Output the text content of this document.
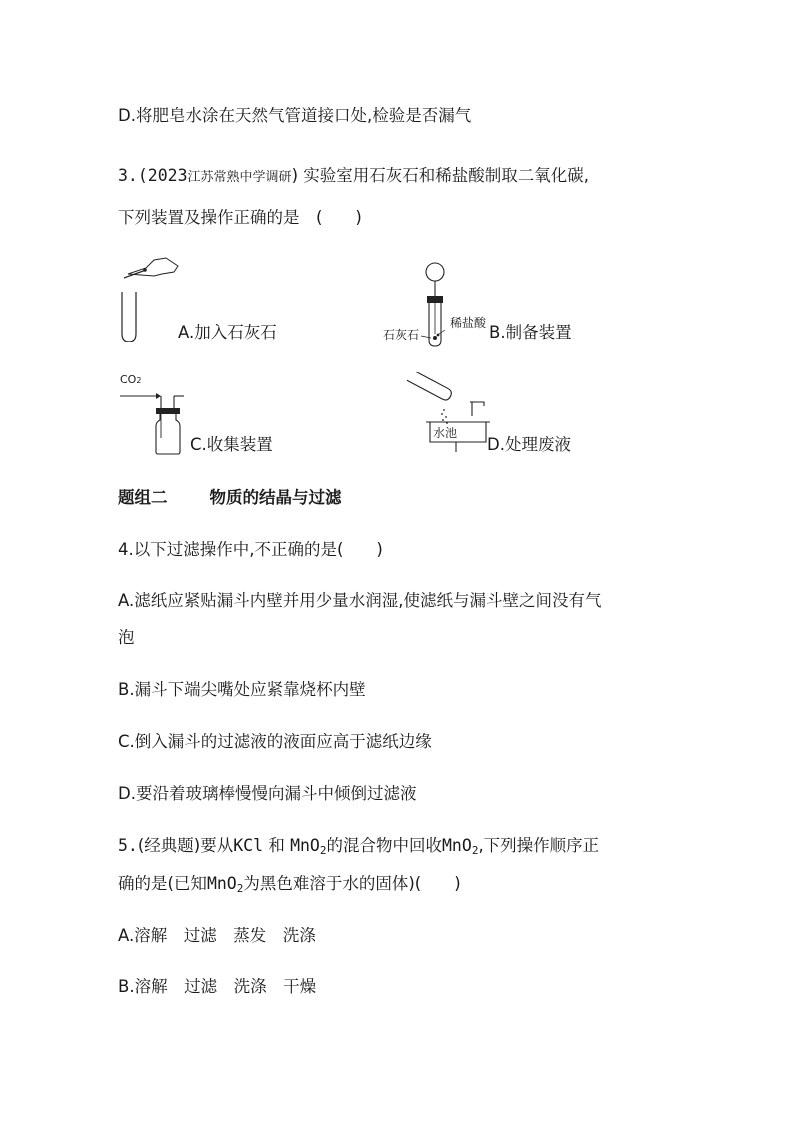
D.将肥皂水涂在天然气管道接口处,检验是否漏气
3.(2023江苏常熟中学调研) 实验室用石灰石和稀盐酸制取二氧化碳,
下列装置及操作正确的是　(　　)
A.加入石灰石	石灰石
稀盐酸 B.制备装置
CO2
C.收集装置
水池
D.处理废液
题组二	物质的结晶与过滤
4.以下过滤操作中,不正确的是(　　)
A.滤纸应紧贴漏斗内壁并用少量水润湿,使滤纸与漏斗壁之间没有气
泡
B.漏斗下端尖嘴处应紧靠烧杯内壁
C.倒入漏斗的过滤液的液面应高于滤纸边缘
D.要沿着玻璃棒慢慢向漏斗中倾倒过滤液
5.(经典题)要从KCl 和 MnO$_2$的混合物中回收MnO$_2$,下列操作顺序正
确的是(已知MnO$_2$为黑色难溶于水的固体)(　　)
A.溶解　过滤　蒸发　洗涤
B.溶解　过滤　洗涤　干燥
